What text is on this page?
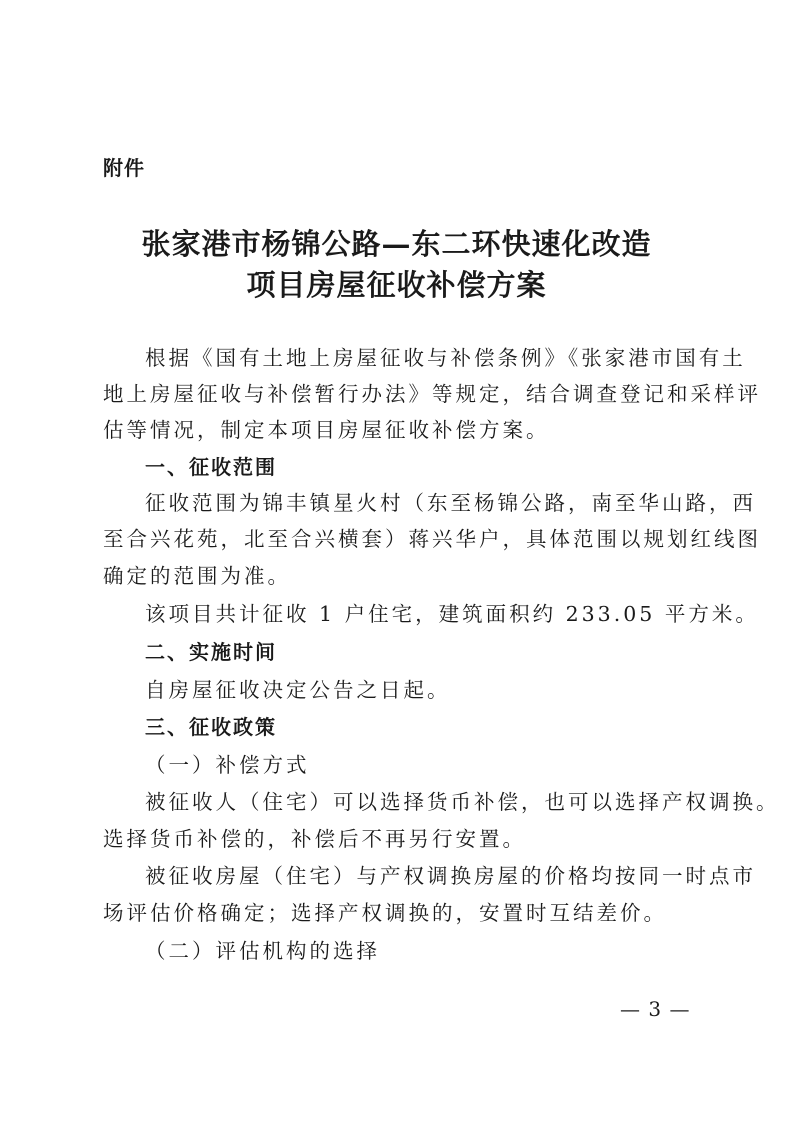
附件
张家港市杨锦公路—东二环快速化改造
项目房屋征收补偿方案
根据《国有土地上房屋征收与补偿条例》《张家港市国有土
地上房屋征收与补偿暂行办法》等规定，结合调查登记和采样评
估等情况，制定本项目房屋征收补偿方案。
一、征收范围
征收范围为锦丰镇星火村（东至杨锦公路，南至华山路，西
至合兴花苑，北至合兴横套）蒋兴华户，具体范围以规划红线图
确定的范围为准。
该项目共计征收 1 户住宅，建筑面积约 233.05 平方米。
二、实施时间
自房屋征收决定公告之日起。
三、征收政策
（一）补偿方式
被征收人（住宅）可以选择货币补偿，也可以选择产权调换。
选择货币补偿的，补偿后不再另行安置。
被征收房屋（住宅）与产权调换房屋的价格均按同一时点市
场评估价格确定；选择产权调换的，安置时互结差价。
（二）评估机构的选择
— 3 —
